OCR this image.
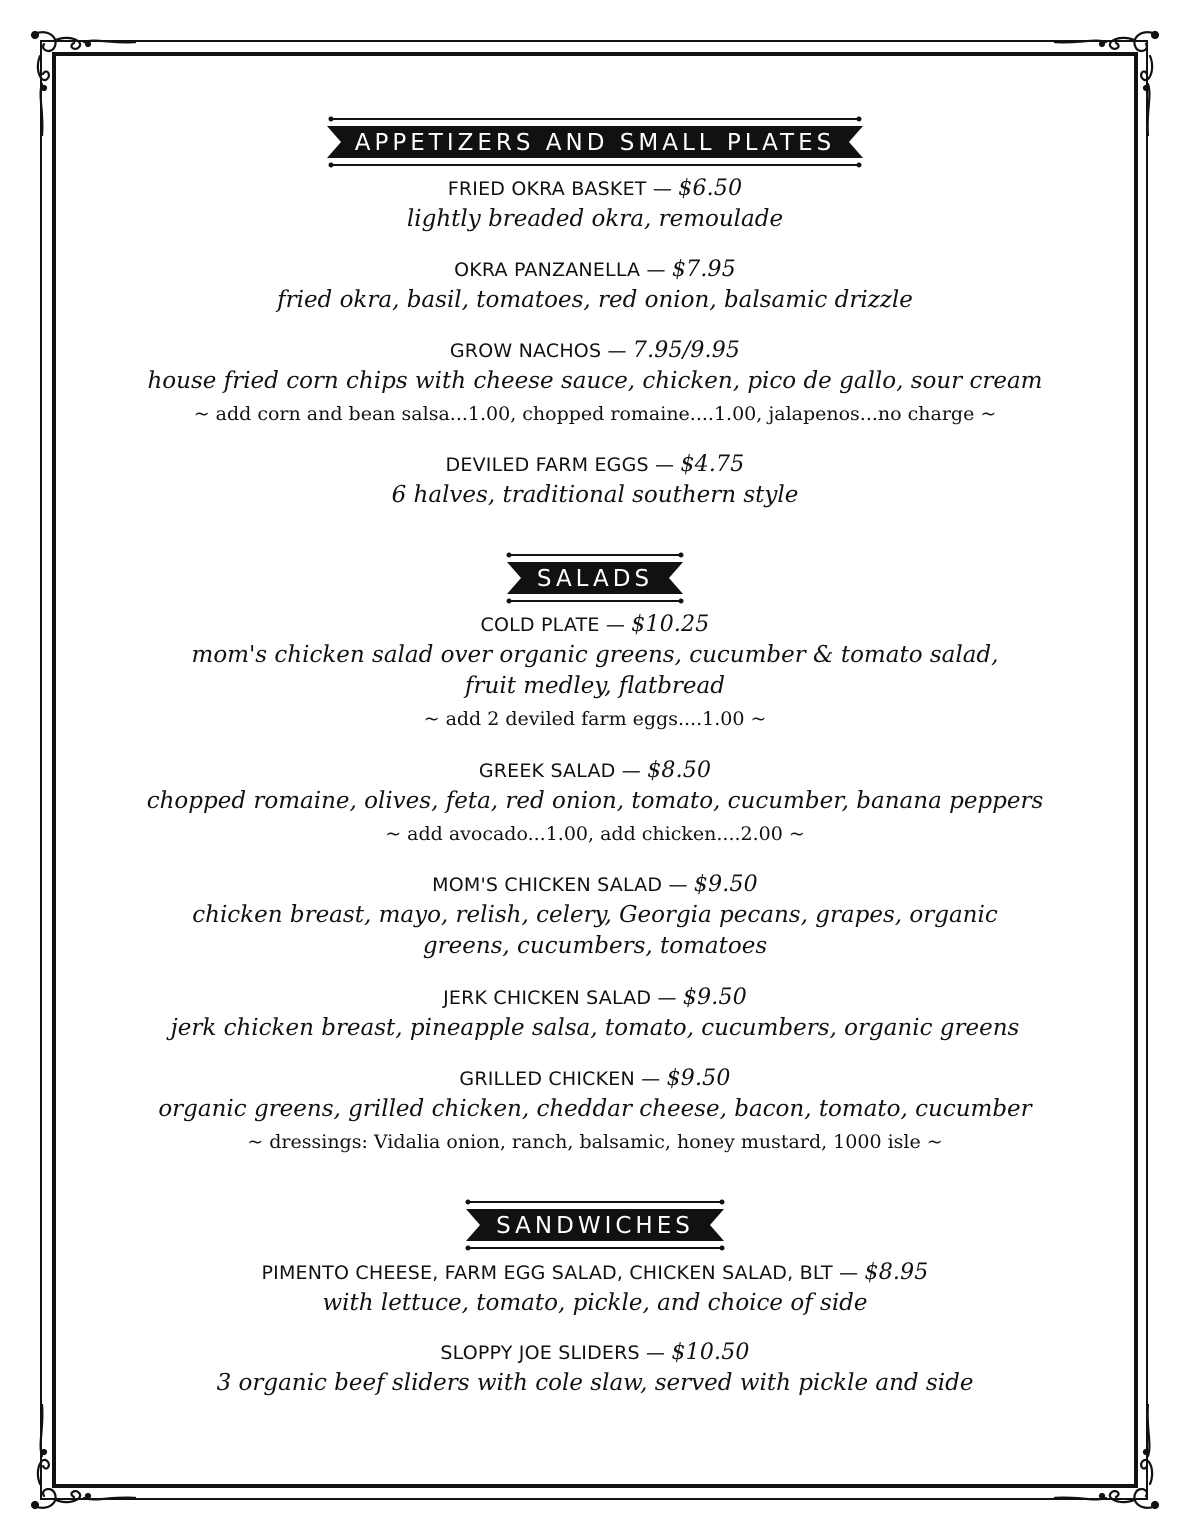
APPETIZERS AND SMALL PLATES
FRIED OKRA BASKET — $6.50
lightly breaded okra, remoulade
OKRA PANZANELLA — $7.95
fried okra, basil, tomatoes, red onion, balsamic drizzle
GROW NACHOS — 7.95/9.95
house fried corn chips with cheese sauce, chicken, pico de gallo, sour cream
~ add corn and bean salsa...1.00, chopped romaine....1.00, jalapenos...no charge ~
DEVILED FARM EGGS — $4.75
6 halves, traditional southern style
SALADS
COLD PLATE — $10.25
mom's chicken salad over organic greens, cucumber & tomato salad, fruit medley, flatbread
~ add 2 deviled farm eggs....1.00 ~
GREEK SALAD — $8.50
chopped romaine, olives, feta, red onion, tomato, cucumber, banana peppers
~ add avocado...1.00, add chicken....2.00 ~
MOM'S CHICKEN SALAD — $9.50
chicken breast, mayo, relish, celery, Georgia pecans, grapes, organic greens, cucumbers, tomatoes
JERK CHICKEN SALAD — $9.50
jerk chicken breast, pineapple salsa, tomato, cucumbers, organic greens
GRILLED CHICKEN — $9.50
organic greens, grilled chicken, cheddar cheese, bacon, tomato, cucumber
~ dressings: Vidalia onion, ranch, balsamic, honey mustard, 1000 isle ~
SANDWICHES
PIMENTO CHEESE, FARM EGG SALAD, CHICKEN SALAD, BLT — $8.95
with lettuce, tomato, pickle, and choice of side
SLOPPY JOE SLIDERS — $10.50
3 organic beef sliders with cole slaw, served with pickle and side
